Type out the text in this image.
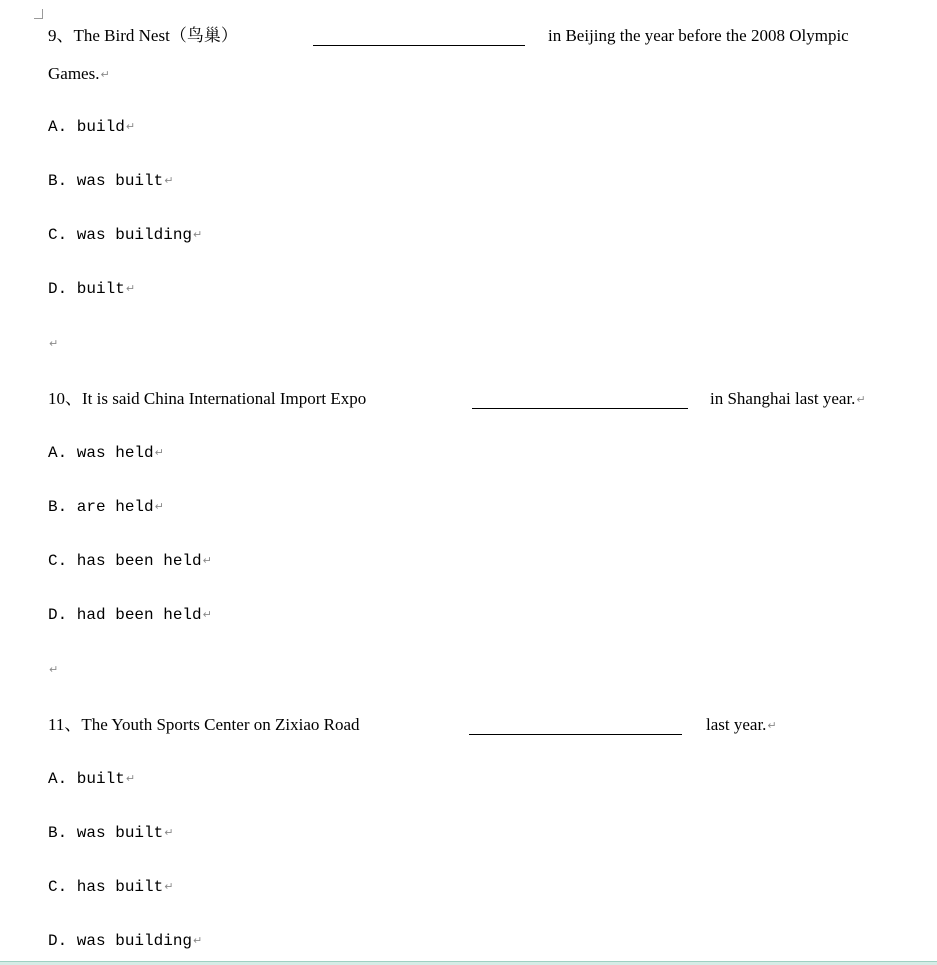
9、The Bird Nest（鸟巢）	in Beijing the year before the 2008 Olympic
Games.↵
A. build↵
B. was built↵
C. was building↵
D. built↵
↵
10、It is said China International Import Expo	in Shanghai last year.↵
A. was held↵
B. are held↵
C. has been held↵
D. had been held↵
↵
11、The Youth Sports Center on Zixiao Road	last year.↵
A. built↵
B. was built↵
C. has built↵
D. was building↵
